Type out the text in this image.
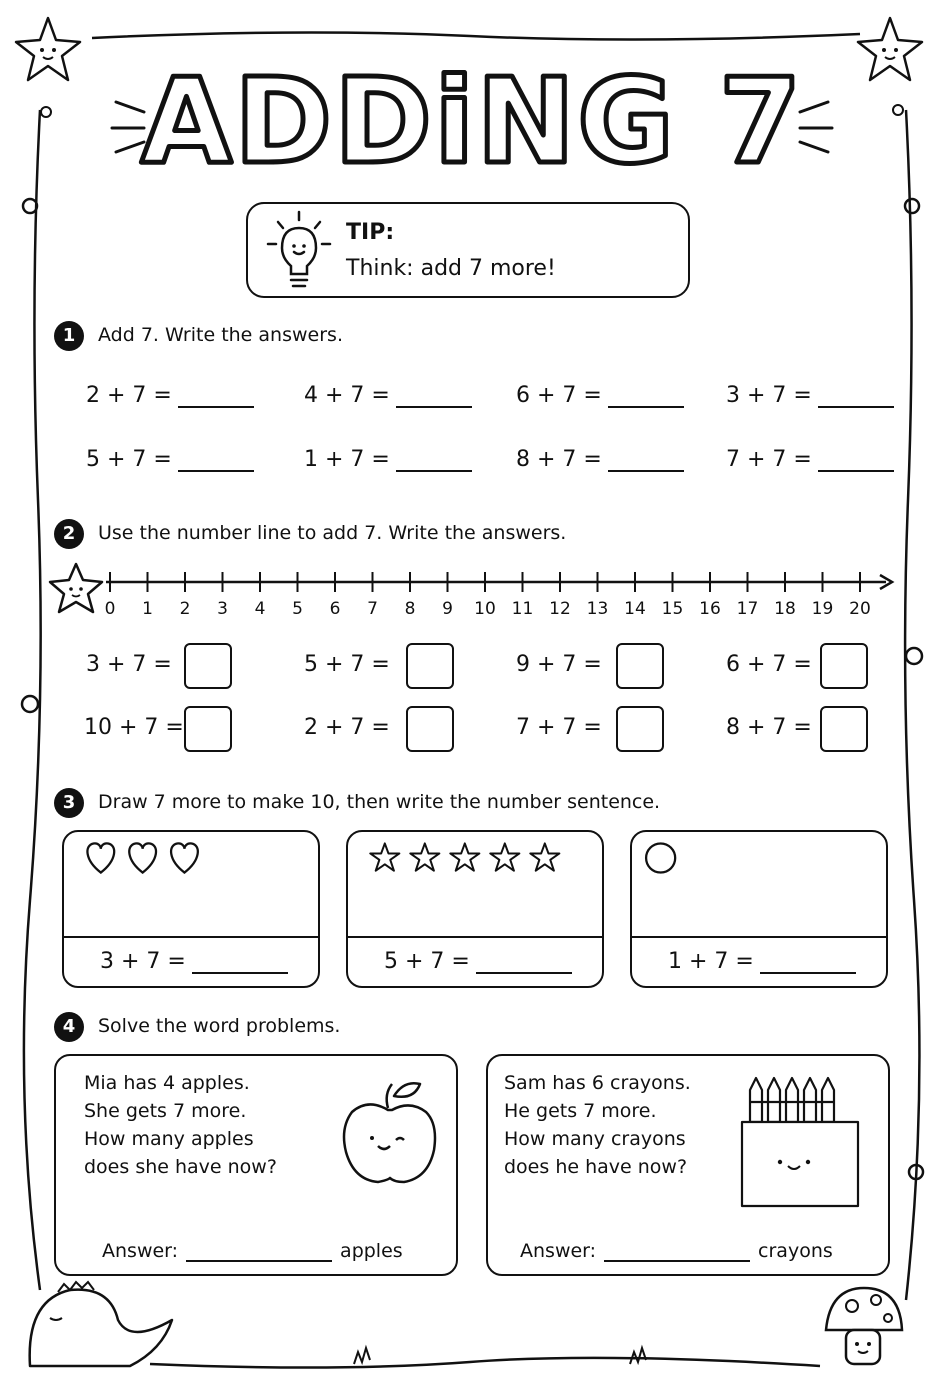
ADDiNG 7
TIP:
Think: add 7 more!
1	Add 7. Write the answers.
2 + 7 =	4 + 7 =	6 + 7 =	3 + 7 =
5 + 7 =	1 + 7 =	8 + 7 =	7 + 7 =
2	Use the number line to add 7. Write the answers.
0 1 2 3 4 5 6 7 8 9 10 11 12 13 14 15 16 17 18 19 20
3 + 7 =	5 + 7 =	9 + 7 =	6 + 7 =
10 + 7 =	2 + 7 =	7 + 7 =	8 + 7 =
3	Draw 7 more to make 10, then write the number sentence.
3 + 7 =	5 + 7 =	1 + 7 =
4	Solve the word problems.
Mia has 4 apples.
She gets 7 more.
How many apples
does she have now?
Answer:	apples
Sam has 6 crayons.
He gets 7 more.
How many crayons
does he have now?
Answer:	crayons
